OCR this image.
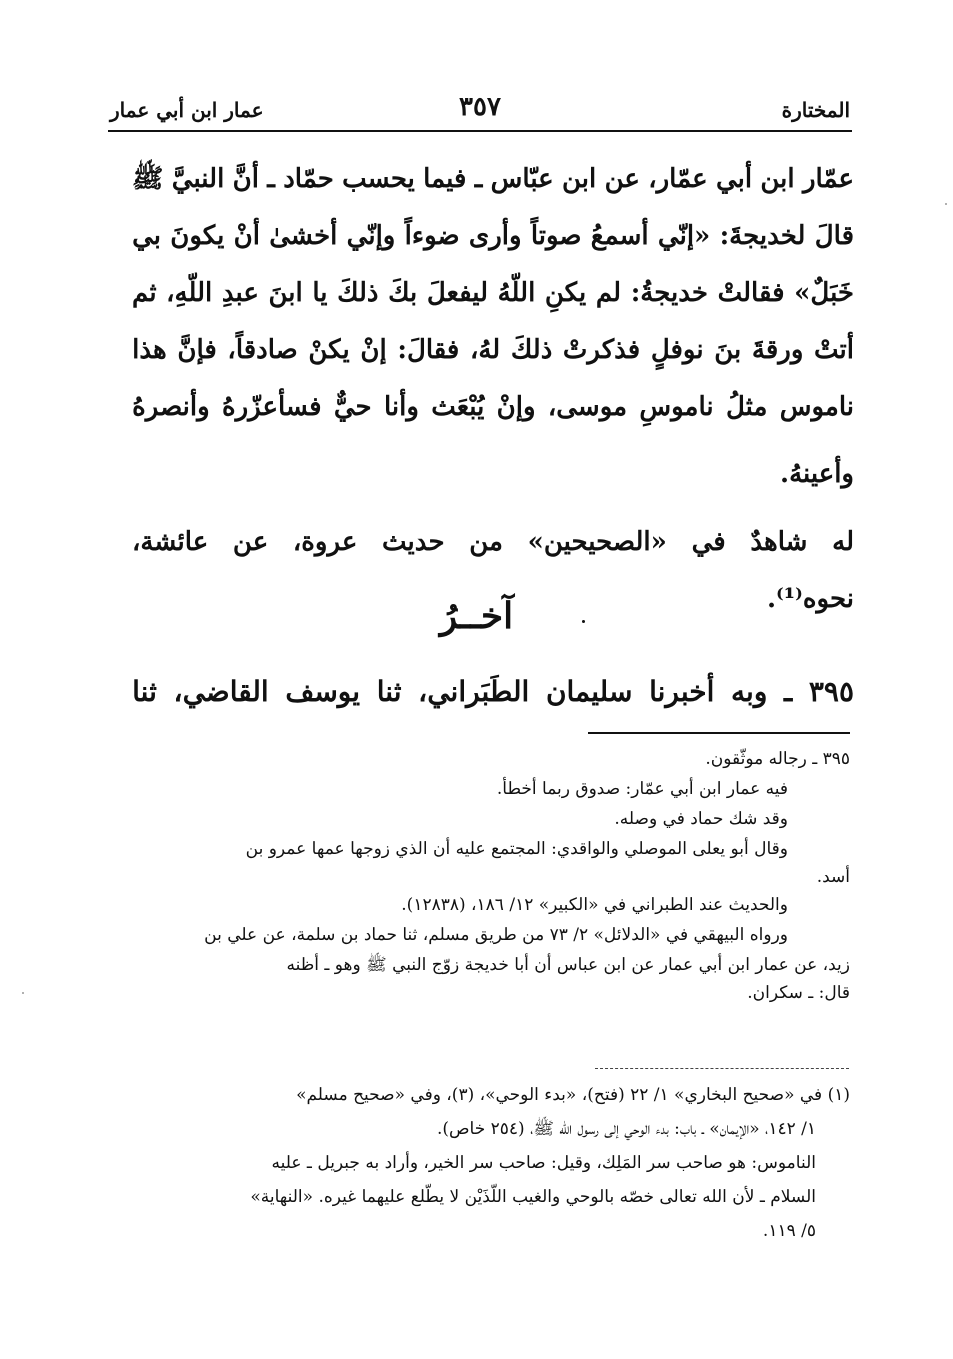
المختارة
٣٥٧
عمار ابن أبي عمار
عمّار
ابن
أبي
عمّار،
عن
ابن
عبّاس
ـ
فيما
يحسب
حمّاد
ـ
أنَّ
النبيَّ
ﷺ
قالَ
لخديجةَ:
«إنّي
أسمعُ
صوتاً
وأرى
ضوءاً
وإنّي
أخشىٰ
أنْ
يكونَ
بي
خَبَلٌ»
فقالتْ
خديجةُ:
لم
يكنِ
اللّهُ
ليفعلَ
بكَ
ذلكَ
يا
ابنَ
عبدِ
اللّهِ،
ثم
أتتْ
ورقةَ
بنَ
نوفلٍ
فذكرتْ
ذلكَ
لهُ،
فقالَ:
إنْ
يكنْ
صادقاً،
فإنَّ
هذا
ناموس
مثلُ
ناموسِ
موسى،
وإنْ
يُبْعَث
وأنا
حيٌّ
فسأعزّرهُ
وأنصرهُ
وأعينهُ.
له
شاهدٌ
في
«الصحيحين»
من
حديث
عروة،
عن
عائشة،
نحوه⁽¹⁾.
آخــرُ
٣٩٥
ـ
وبه
أخبرنا
سليمان
الطَبَراني،
ثنا
يوسف
القاضي،
ثنا
٣٩٥ ـ رجاله موثّقون.
فيه عمار ابن أبي عمّار: صدوق ربما أخطأ.
وقد شك حماد في وصله.
وقال أبو يعلى الموصلي والواقدي: المجتمع عليه أن الذي زوجها عمها عمرو بن
أسد.
والحديث عند الطبراني في «الكبير» ١٢/ ١٨٦، (١٢٨٣٨).
ورواه البيهقي في «الدلائل» ٢/ ٧٣ من طريق مسلم، ثنا حماد بن سلمة، عن علي بن
زيد، عن عمار ابن أبي عمار عن ابن عباس أن أبا خديجة زوّج النبي ﷺ وهو ـ أظنه
قال: ـ سكران.
(١) في «صحيح البخاري» ١/ ٢٢ (فتح)، «بدء الوحي»، (٣)، وفي «صحيح مسلم»
١/ ١٤٢، «الإيمان» ـ باب: بدء الوحي إلى رسول الله ﷺ، (٢٥٤ خاص).
الناموس: هو صاحب سر المَلِك، وقيل: صاحب سر الخير، وأراد به جبريل ـ عليه
السلام ـ لأن الله تعالى خصّه بالوحي والغيب اللّذَيْن لا يطّلع عليهما غيره. «النهاية»
٥/ ١١٩.
